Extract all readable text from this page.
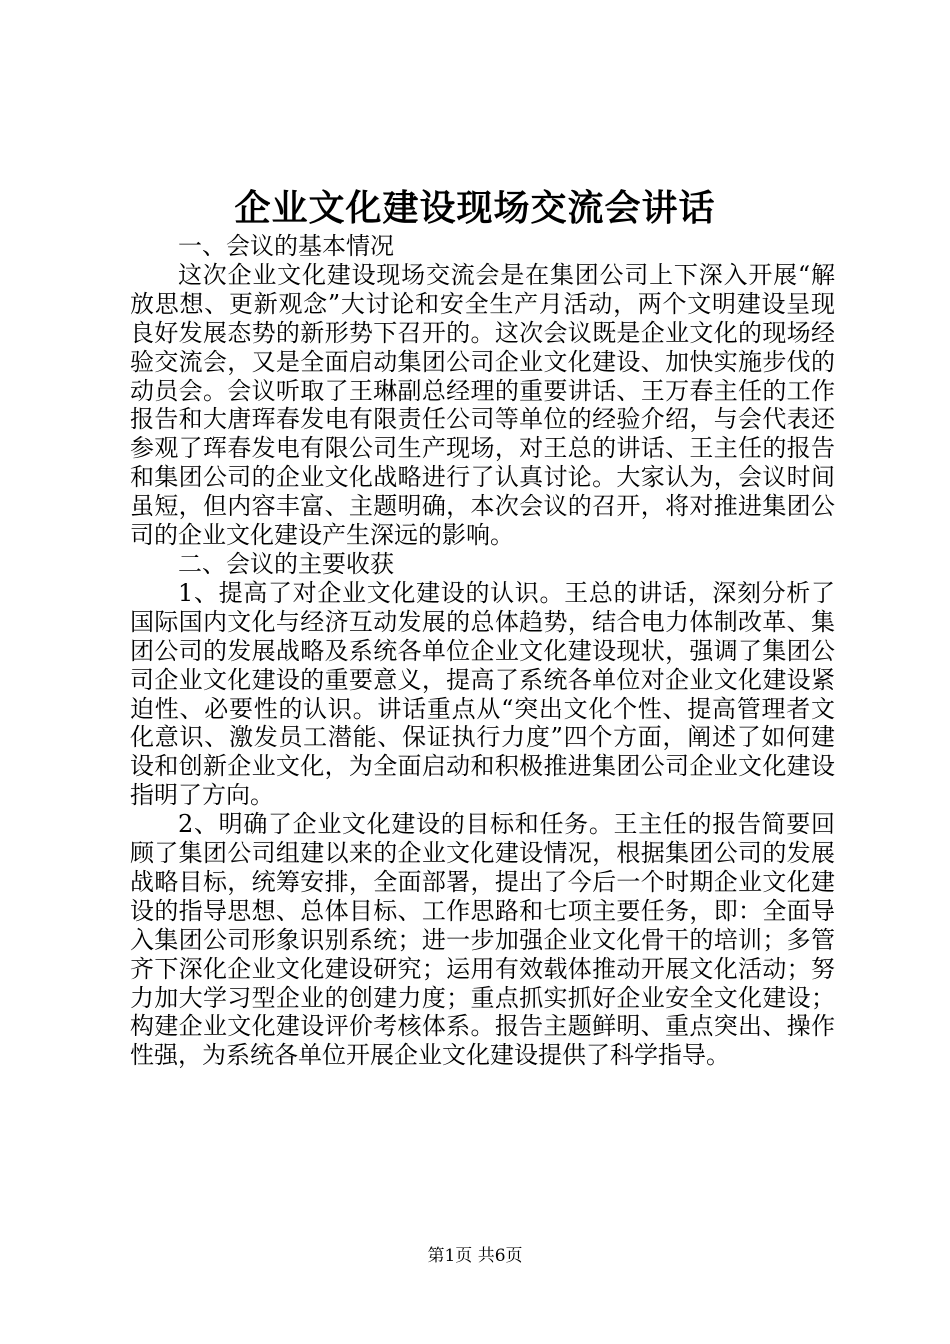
企业文化建设现场交流会讲话

一、会议的基本情况

这次企业文化建设现场交流会是在集团公司上下深入开展“解放思想、更新观念”大讨论和安全生产月活动，两个文明建设呈现良好发展态势的新形势下召开的。这次会议既是企业文化的现场经验交流会，又是全面启动集团公司企业文化建设、加快实施步伐的动员会。会议听取了王琳副总经理的重要讲话、王万春主任的工作报告和大唐珲春发电有限责任公司等单位的经验介绍，与会代表还参观了珲春发电有限公司生产现场，对王总的讲话、王主任的报告和集团公司的企业文化战略进行了认真讨论。大家认为，会议时间虽短，但内容丰富、主题明确，本次会议的召开，将对推进集团公司的企业文化建设产生深远的影响。

二、会议的主要收获

1、提高了对企业文化建设的认识。王总的讲话，深刻分析了国际国内文化与经济互动发展的总体趋势，结合电力体制改革、集团公司的发展战略及系统各单位企业文化建设现状，强调了集团公司企业文化建设的重要意义，提高了系统各单位对企业文化建设紧迫性、必要性的认识。讲话重点从“突出文化个性、提高管理者文化意识、激发员工潜能、保证执行力度”四个方面，阐述了如何建设和创新企业文化，为全面启动和积极推进集团公司企业文化建设指明了方向。

2、明确了企业文化建设的目标和任务。王主任的报告简要回顾了集团公司组建以来的企业文化建设情况，根据集团公司的发展战略目标，统筹安排，全面部署，提出了今后一个时期企业文化建设的指导思想、总体目标、工作思路和七项主要任务，即：全面导入集团公司形象识别系统；进一步加强企业文化骨干的培训；多管齐下深化企业文化建设研究；运用有效载体推动开展文化活动；努力加大学习型企业的创建力度；重点抓实抓好企业安全文化建设；构建企业文化建设评价考核体系。报告主题鲜明、重点突出、操作性强，为系统各单位开展企业文化建设提供了科学指导。

第1页 共6页
